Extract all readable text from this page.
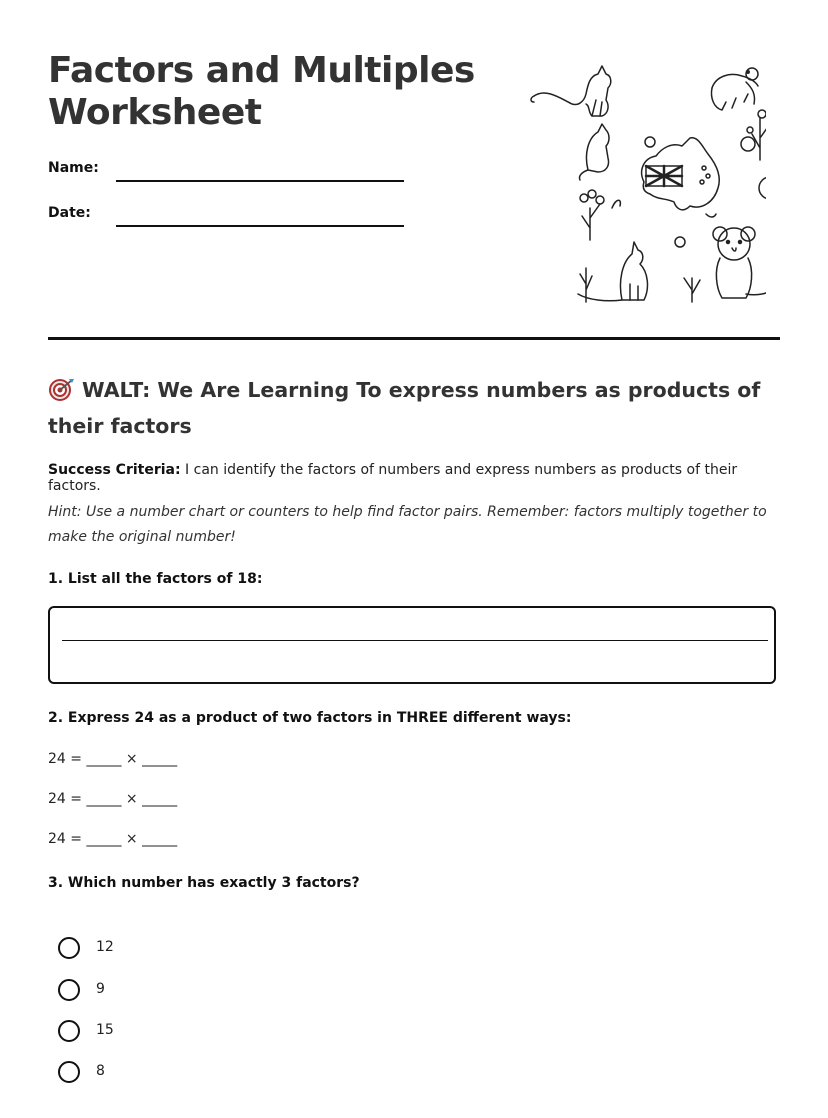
Factors and Multiples Worksheet
Name:
Date:
WALT: We Are Learning To express numbers as products of their factors
Success Criteria: I can identify the factors of numbers and express numbers as products of their factors.
Hint: Use a number chart or counters to help find factor pairs. Remember: factors multiply together to make the original number!
1. List all the factors of 18:
2. Express 24 as a product of two factors in THREE different ways:
24 = _____ × _____
24 = _____ × _____
24 = _____ × _____
3. Which number has exactly 3 factors?
12
9
15
8
